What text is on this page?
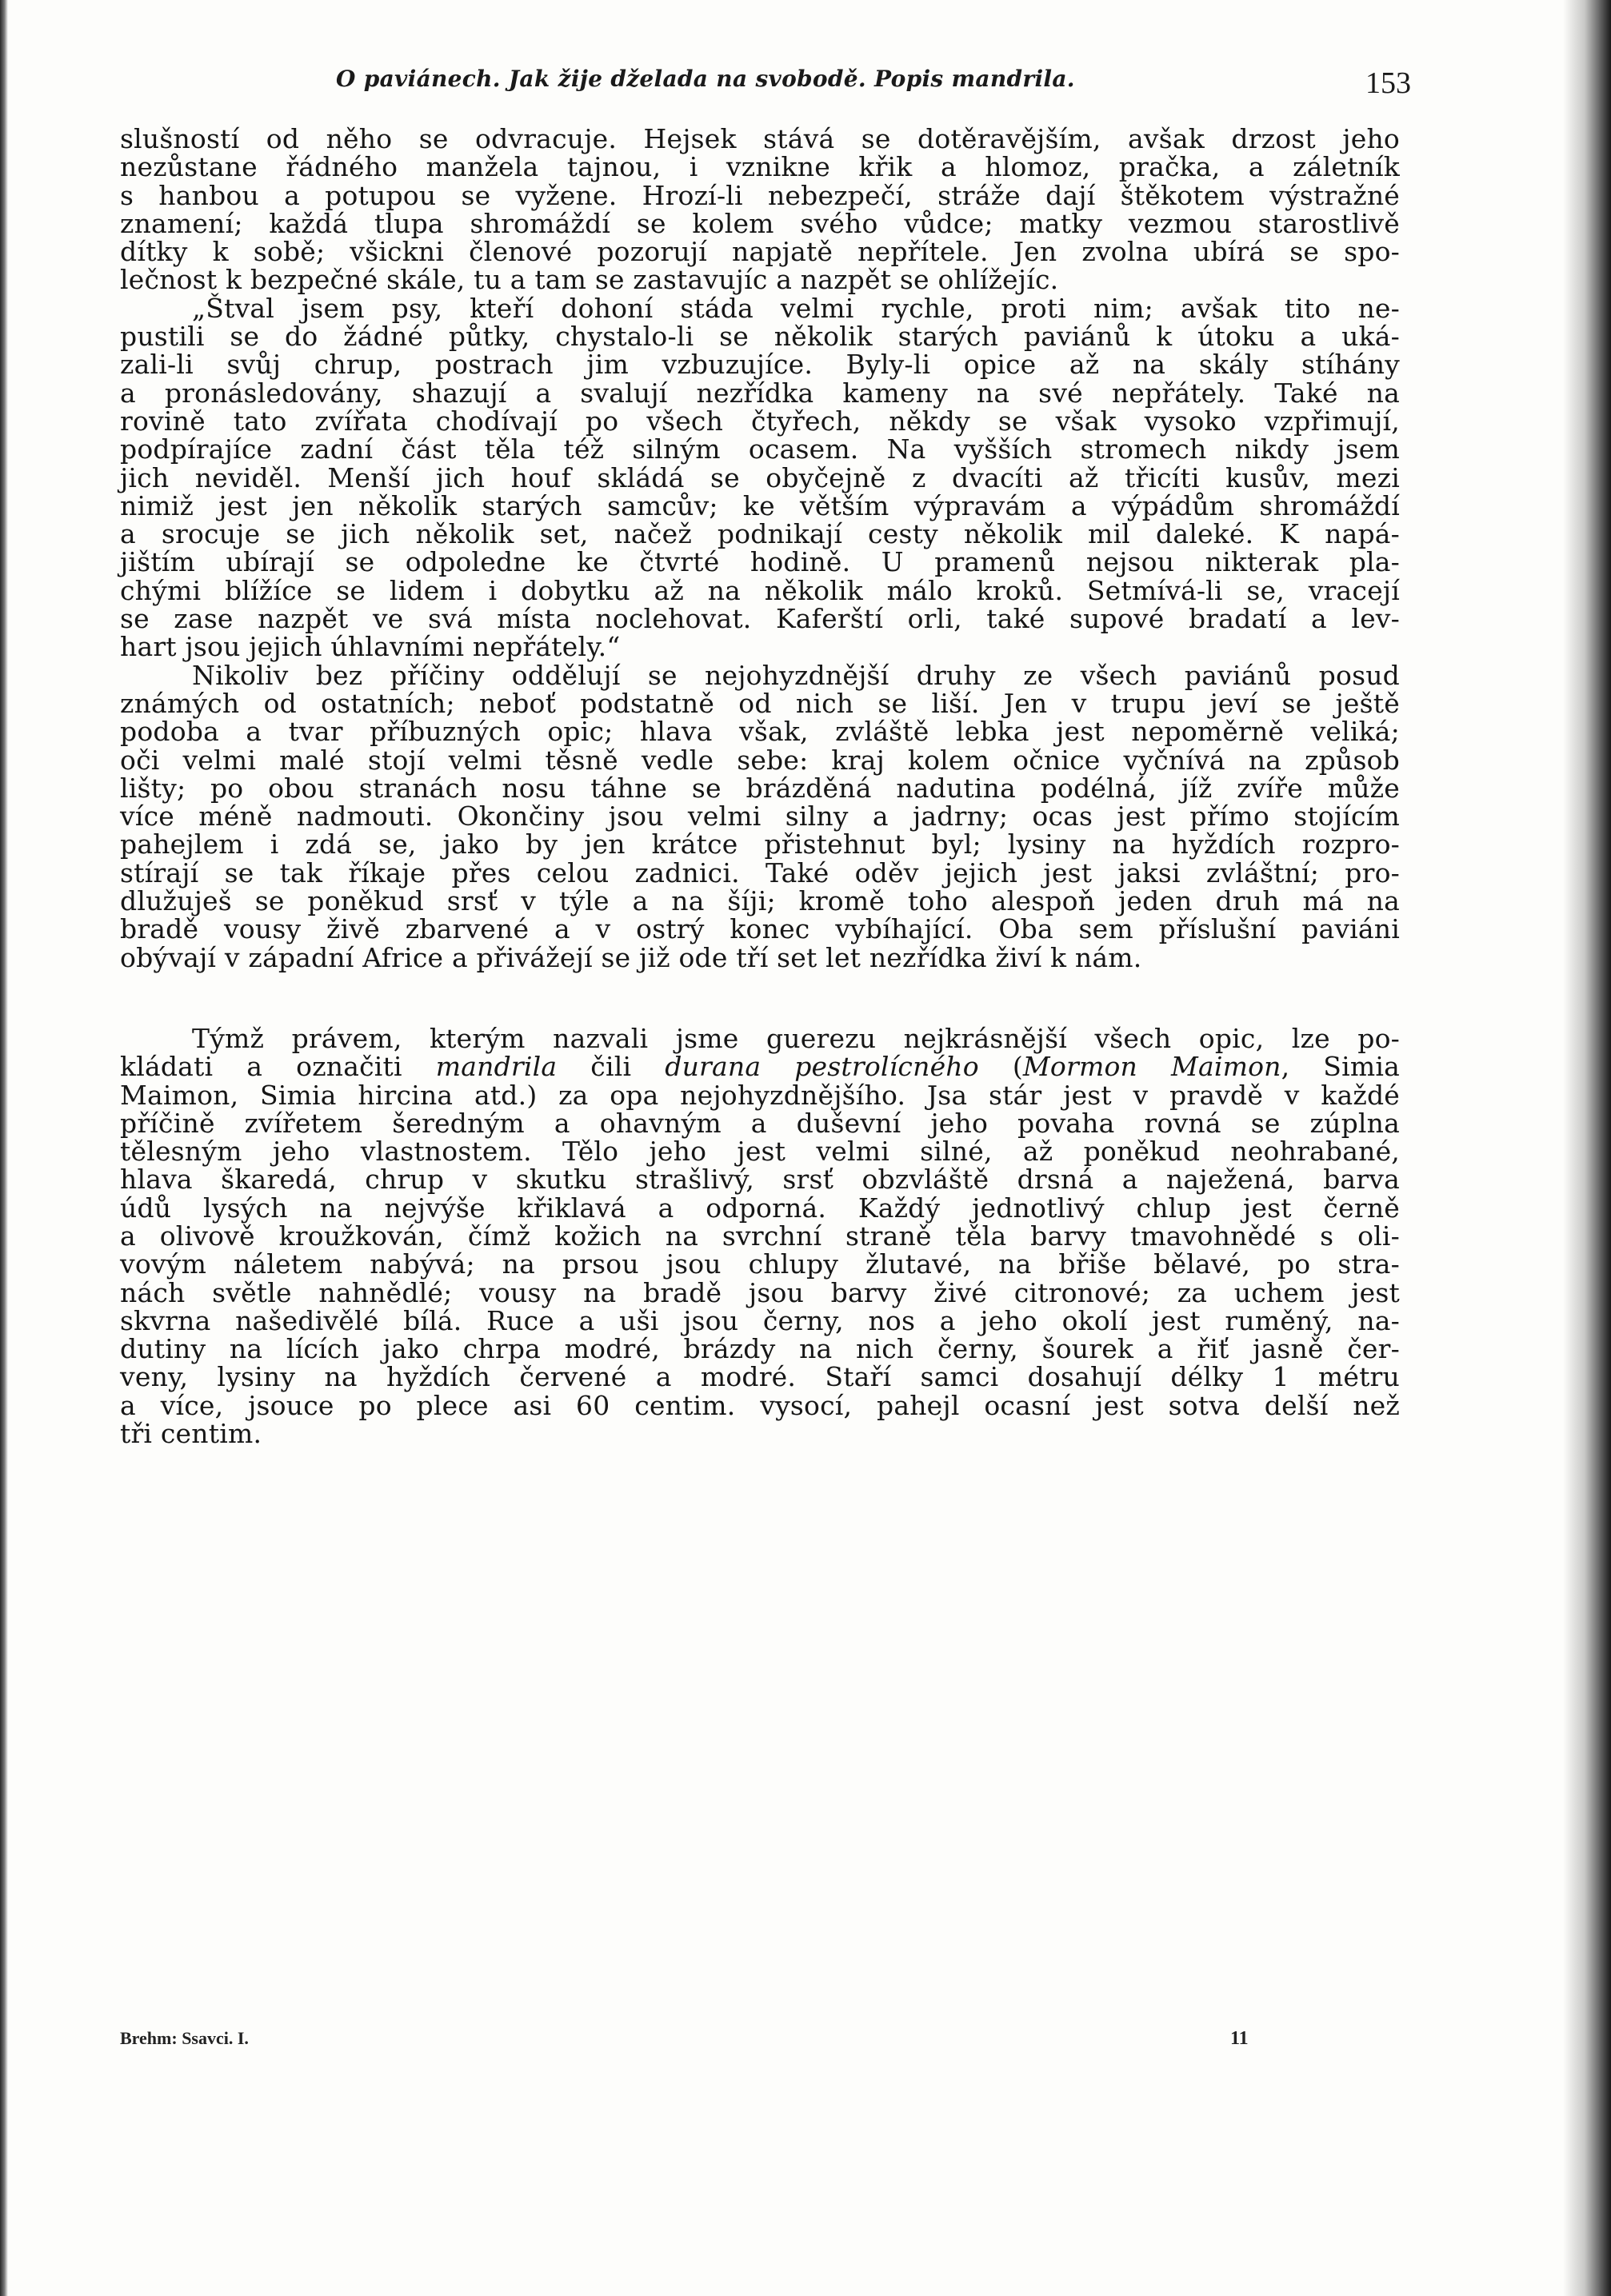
O paviánech. Jak žije dželada na svobodě. Popis mandrila.	153
slušností od něho se odvracuje. Hejsek stává se dotěravějším, avšak drzost jeho
nezůstane řádného manžela tajnou, i vznikne křik a hlomoz, pračka, a záletník
s hanbou a potupou se vyžene. Hrozí-li nebezpečí, stráže dají štěkotem výstražné
znamení; každá tlupa shromáždí se kolem svého vůdce; matky vezmou starostlivě
dítky k sobě; všickni členové pozorují napjatě nepřítele. Jen zvolna ubírá se spo-
lečnost k bezpečné skále, tu a tam se zastavujíc a nazpět se ohlížejíc.
„Štval jsem psy, kteří dohoní stáda velmi rychle, proti nim; avšak tito ne-
pustili se do žádné půtky, chystalo-li se několik starých paviánů k útoku a uká-
zali-li svůj chrup, postrach jim vzbuzujíce. Byly-li opice až na skály stíhány
a pronásledovány, shazují a svalují nezřídka kameny na své nepřátely. Také na
rovině tato zvířata chodívají po všech čtyřech, někdy se však vysoko vzpřimují,
podpírajíce zadní část těla též silným ocasem. Na vyšších stromech nikdy jsem
jich neviděl. Menší jich houf skládá se obyčejně z dvacíti až třicíti kusův, mezi
nimiž jest jen několik starých samcův; ke větším výpravám a výpádům shromáždí
a srocuje se jich několik set, načež podnikají cesty několik mil daleké. K napá-
jištím ubírají se odpoledne ke čtvrté hodině. U pramenů nejsou nikterak pla-
chými blížíce se lidem i dobytku až na několik málo kroků. Setmívá-li se, vracejí
se zase nazpět ve svá místa noclehovat. Kaferští orli, také supové bradatí a lev-
hart jsou jejich úhlavními nepřátely.“
Nikoliv bez příčiny oddělují se nejohyzdnější druhy ze všech paviánů posud
známých od ostatních; neboť podstatně od nich se liší. Jen v trupu jeví se ještě
podoba a tvar příbuzných opic; hlava však, zvláště lebka jest nepoměrně veliká;
oči velmi malé stojí velmi těsně vedle sebe: kraj kolem očnice vyčnívá na způsob
lišty; po obou stranách nosu táhne se brázděná nadutina podélná, jíž zvíře může
více méně nadmouti. Okončiny jsou velmi silny a jadrny; ocas jest přímo stojícím
pahejlem i zdá se, jako by jen krátce přistehnut byl; lysiny na hyždích rozpro-
stírají se tak říkaje přes celou zadnici. Také oděv jejich jest jaksi zvláštní; pro-
dlužuješ se poněkud srsť v týle a na šíji; kromě toho alespoň jeden druh má na
bradě vousy živě zbarvené a v ostrý konec vybíhající. Oba sem příslušní paviáni
obývají v západní Africe a přivážejí se již ode tří set let nezřídka živí k nám.
Týmž právem, kterým nazvali jsme guerezu nejkrásnější všech opic, lze po-
kládati a označiti mandrila čili durana pestrolícného (Mormon Maimon, Simia
Maimon, Simia hircina atd.) za opa nejohyzdnějšího. Jsa stár jest v pravdě v každé
příčině zvířetem šeredným a ohavným a duševní jeho povaha rovná se zúplna
tělesným jeho vlastnostem. Tělo jeho jest velmi silné, až poněkud neohrabané,
hlava škaredá, chrup v skutku strašlivý, srsť obzvláště drsná a naježená, barva
údů lysých na nejvýše křiklavá a odporná. Každý jednotlivý chlup jest černě
a olivově kroužkován, čímž kožich na svrchní straně těla barvy tmavohnědé s oli-
vovým náletem nabývá; na prsou jsou chlupy žlutavé, na břiše bělavé, po stra-
nách světle nahnědlé; vousy na bradě jsou barvy živé citronové; za uchem jest
skvrna našedivělé bílá. Ruce a uši jsou černy, nos a jeho okolí jest ruměný, na-
dutiny na lících jako chrpa modré, brázdy na nich černy, šourek a řiť jasně čer-
veny, lysiny na hyždích červené a modré. Staří samci dosahují délky 1 métru
a více, jsouce po plece asi 60 centim. vysocí, pahejl ocasní jest sotva delší než
tři centim.
Brehm: Ssavci. I.	11
